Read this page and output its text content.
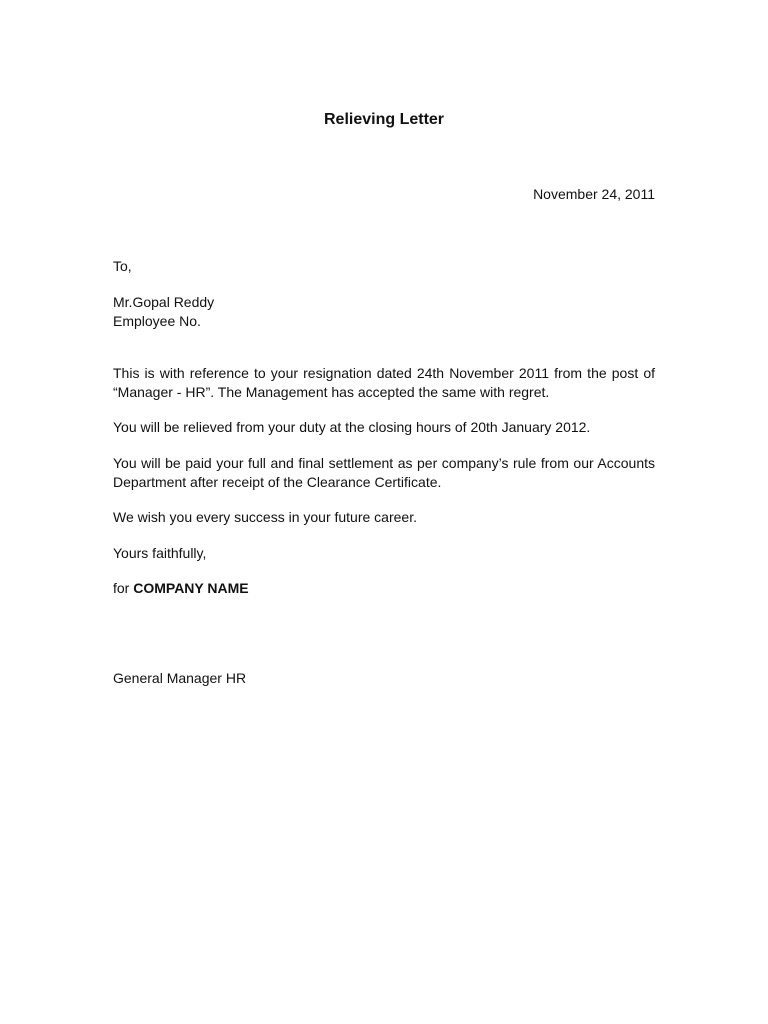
Relieving Letter
November 24, 2011
To,
Mr.Gopal Reddy
Employee No.
This is with reference to your resignation dated 24th November 2011 from the post of “Manager - HR”. The Management has accepted the same with regret.
You will be relieved from your duty at the closing hours of 20th January 2012.
You will be paid your full and final settlement as per company’s rule from our Accounts Department after receipt of the Clearance Certificate.
We wish you every success in your future career.
Yours faithfully,
for COMPANY NAME
General Manager HR
